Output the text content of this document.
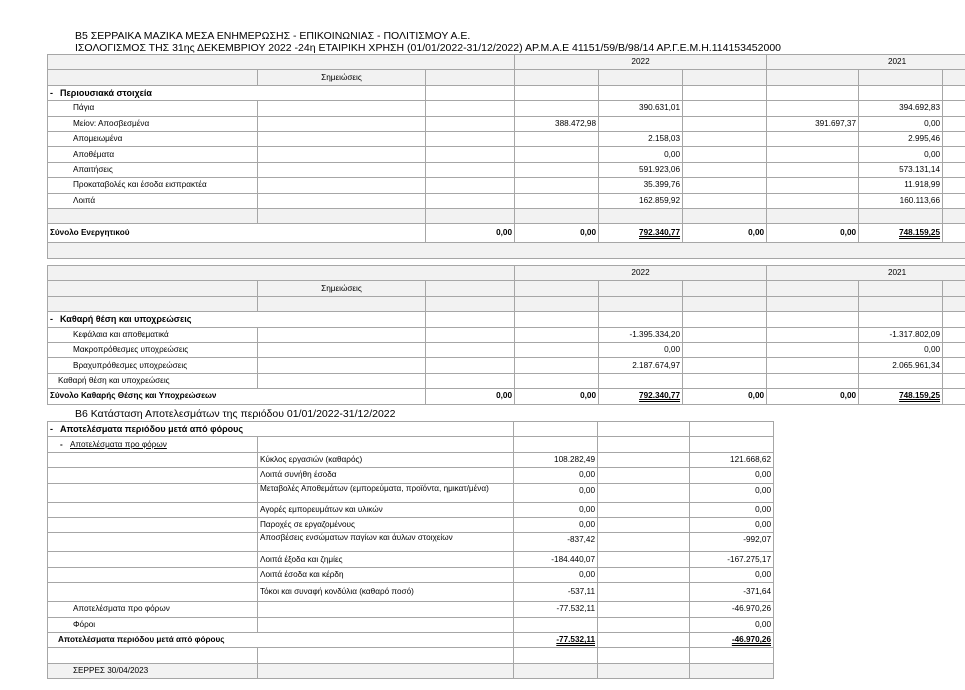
B5 ΣΕΡΡΑΙΚΑ ΜΑΖΙΚΑ ΜΕΣΑ ΕΝΗΜΕΡΩΣΗΣ - ΕΠΙΚΟΙΝΩΝΙΑΣ - ΠΟΛΙΤΙΣΜΟΥ Α.Ε.
ΙΣΟΛΟΓΙΣΜΟΣ ΤΗΣ 31ης ΔΕΚΕΜΒΡΙΟΥ 2022 -24η ΕΤΑΙΡΙΚΗ ΧΡΗΣΗ (01/01/2022-31/12/2022) ΑΡ.Μ.Α.Ε 41151/59/Β/98/14 ΑΡ.Γ.Ε.Μ.Η.114153452000
			2022			2021		
	Σημειώσεις							
- Περιουσιακά στοιχεία								
Πάγια				390.631,01			394.692,83	
Μείον: Αποσβεσμένα			388.472,98			391.697,37	0,00	
Απομειωμένα				2.158,03			2.995,46	
Αποθέματα				0,00			0,00	
Απαιτήσεις				591.923,06			573.131,14	
Προκαταβολές και έσοδα εισπρακτέα				35.399,76			11.918,99	
Λοιπά				162.859,92			160.113,66	

Σύνολο Ενεργητικού		0,00	0,00	792.340,77	0,00	0,00	748.159,25	

			2022			2021		
	Σημειώσεις							

- Καθαρή θέση και υποχρεώσεις								
Κεφάλαια και αποθεματικά				-1.395.334,20			-1.317.802,09	
Μακροπρόθεσμες υποχρεώσεις				0,00			0,00	
Βραχυπρόθεσμες υποχρεώσεις				2.187.674,97			2.065.961,34	
Καθαρή θέση και υποχρεώσεις								
Σύνολο Καθαρής Θέσης και Υποχρεώσεων		0,00	0,00	792.340,77	0,00	0,00	748.159,25	
B6 Κατάσταση Αποτελεσμάτων της περιόδου 01/01/2022-31/12/2022
- Αποτελέσματα περιόδου μετά από φόρους				
- Αποτελέσματα προ φόρων				
	Κύκλος εργασιών (καθαρός)	108.282,49		121.668,62
	Λοιπά συνήθη έσοδα	0,00		0,00
	Μεταβολές Αποθεμάτων (εμπορεύματα, προϊόντα, ημικατ/μένα)	0,00		0,00
	Αγορές εμπορευμάτων και υλικών	0,00		0,00
	Παροχές σε εργαζομένους	0,00		0,00
	Αποσβέσεις ενσώματων παγίων και άυλων στοιχείων	-837,42		-992,07
	Λοιπά έξοδα και ζημίες	-184.440,07		-167.275,17
	Λοιπά έσοδα και κέρδη	0,00		0,00
	Τόκοι και συναφή κονδύλια (καθαρό ποσό)	-537,11		-371,64
Αποτελέσματα προ φόρων		-77.532,11		-46.970,26
Φόροι				0,00
Αποτελέσματα περιόδου μετά από φόρους		-77.532,11		-46.970,26

ΣΕΡΡΕΣ 30/04/2023				
